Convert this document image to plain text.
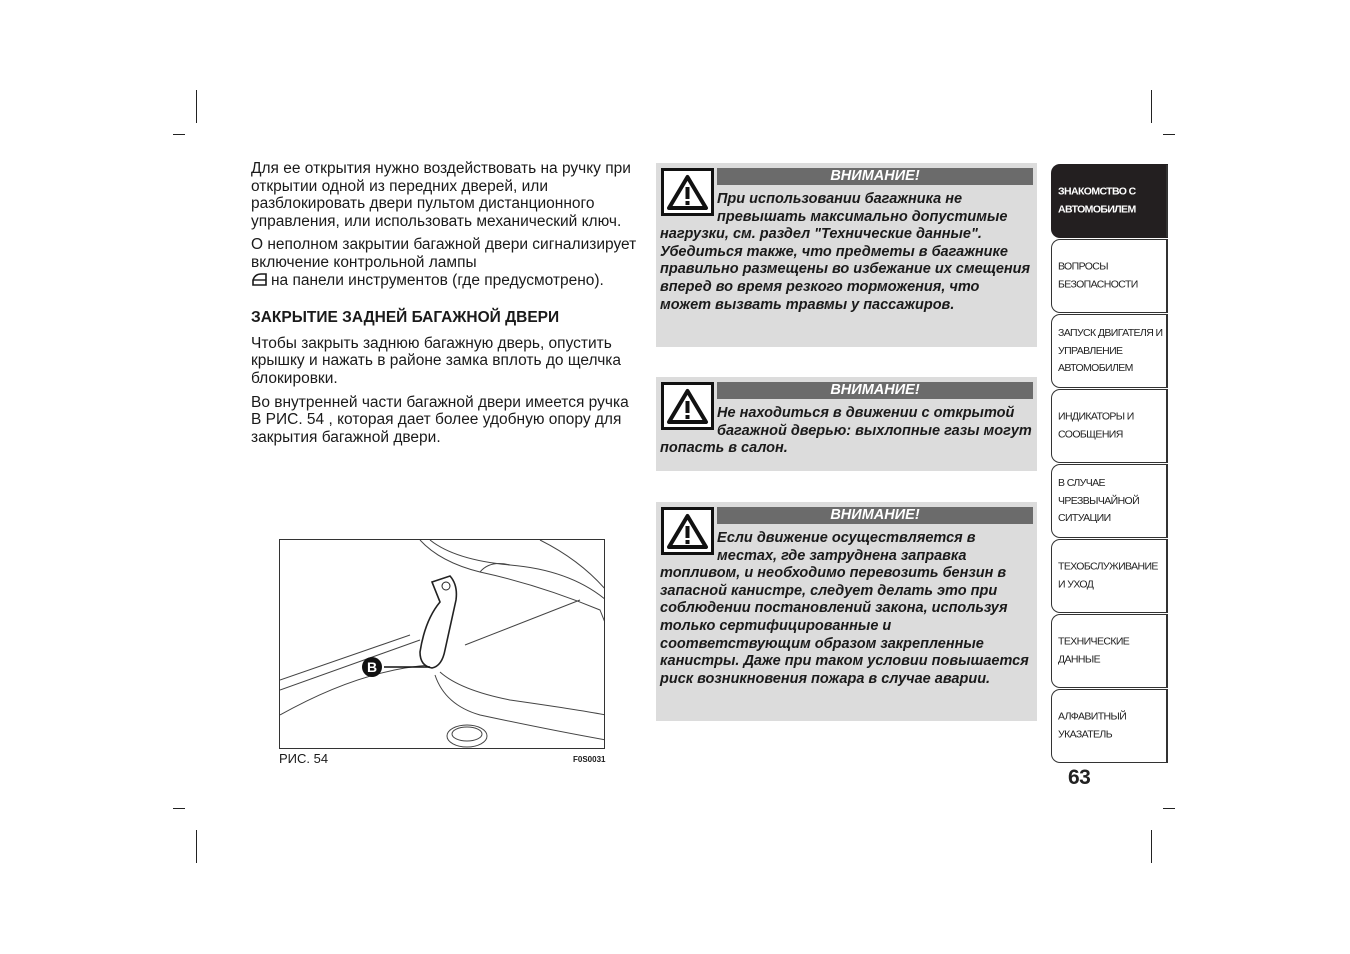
Для ее открытия нужно воздействовать на ручку при открытии одной из передних дверей, или разблокировать двери пультом дистанционного управления, или использовать механический ключ.

О неполном закрытии багажной двери сигнализирует включение контрольной лампы
на панели инструментов (где предусмотрено).

ЗАКРЫТИЕ ЗАДНЕЙ БАГАЖНОЙ ДВЕРИ

Чтобы закрыть заднюю багажную дверь, опустить крышку и нажать в районе замка вплоть до щелчка блокировки.

Во внутренней части багажной двери имеется ручка B РИС. 54 , которая дает более удобную опору для закрытия багажной двери.

B
РИС. 54	F0S0031
ВНИМАНИЕ!
При использовании багажника не превышать максимально допустимые нагрузки, см. раздел "Технические данные". Убедиться также, что предметы в багажнике правильно размещены во избежание их смещения вперед во время резкого торможения, что может вызвать травмы у пассажиров.
ВНИМАНИЕ!
Не находиться в движении с открытой багажной дверью: выхлопные газы могут попасть в салон.
ВНИМАНИЕ!
Если движение осуществляется в местах, где затруднена заправка топливом, и необходимо перевозить бензин в запасной канистре, следует делать это при соблюдении постановлений закона, используя только сертифицированные и соответствующим образом закрепленные канистры. Даже при таком условии повышается риск возникновения пожара в случае аварии.
ЗНАКОМСТВО С АВТОМОБИЛЕМ
ВОПРОСЫ БЕЗОПАСНОСТИ
ЗАПУСК ДВИГАТЕЛЯ И УПРАВЛЕНИЕ АВТОМОБИЛЕМ
ИНДИКАТОРЫ И СООБЩЕНИЯ
В СЛУЧАЕ ЧРЕЗВЫЧАЙНОЙ СИТУАЦИИ
ТЕХОБСЛУЖИВАНИЕ И УХОД
ТЕХНИЧЕСКИЕ ДАННЫЕ
АЛФАВИТНЫЙ УКАЗАТЕЛЬ
63
